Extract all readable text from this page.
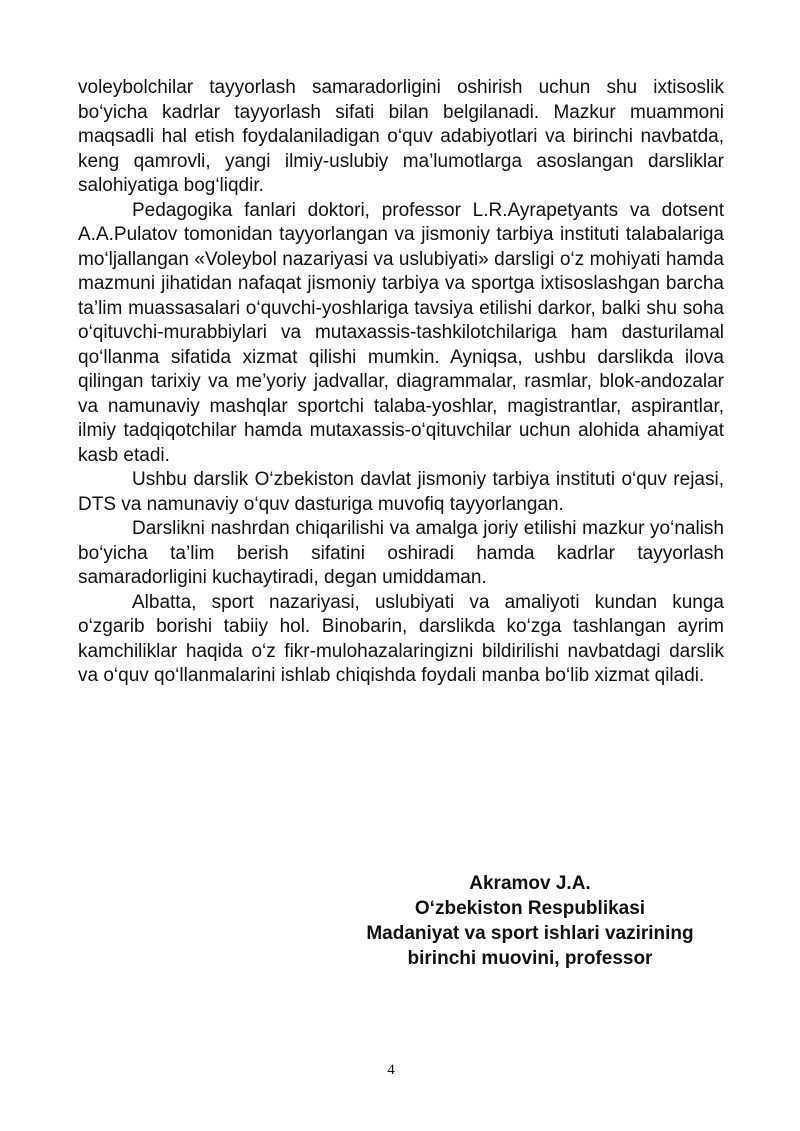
voleybolchilar tayyorlash samaradorligini oshirish uchun shu ixtisoslik bo‘yicha kadrlar tayyorlash sifati bilan belgilanadi. Mazkur muammoni maqsadli hal etish foydalaniladigan o‘quv adabiyotlari va birinchi navbatda, keng qamrovli, yangi ilmiy-uslubiy ma’lumotlarga asoslangan darsliklar salohiyatiga bog‘liqdir.

Pedagogika fanlari doktori, professor L.R.Ayrapetyants va dotsent A.A.Pulatov tomonidan tayyorlangan va jismoniy tarbiya instituti talabalariga mo‘ljallangan «Voleybol nazariyasi va uslubiyati» darsligi o‘z mohiyati hamda mazmuni jihatidan nafaqat jismoniy tarbiya va sportga ixtisoslashgan barcha ta’lim muassasalari o‘quvchi-yoshlariga tavsiya etilishi darkor, balki shu soha o‘qituvchi-murabbiylari va mutaxassis-tashkilotchilariga ham dasturilamal qo‘llanma sifatida xizmat qilishi mumkin. Ayniqsa, ushbu darslikda ilova qilingan tarixiy va me’yoriy jadvallar, diagrammalar, rasmlar, blok-andozalar va namunaviy mashqlar sportchi talaba-yoshlar, magistrantlar, aspirantlar, ilmiy tadqiqotchilar hamda mutaxassis-o‘qituvchilar uchun alohida ahamiyat kasb etadi.

Ushbu darslik O‘zbekiston davlat jismoniy tarbiya instituti o‘quv rejasi, DTS va namunaviy o‘quv dasturiga muvofiq tayyorlangan.

Darslikni nashrdan chiqarilishi va amalga joriy etilishi mazkur yo‘nalish bo‘yicha ta’lim berish sifatini oshiradi hamda kadrlar tayyorlash samaradorligini kuchaytiradi, degan umiddaman.

Albatta, sport nazariyasi, uslubiyati va amaliyoti kundan kunga o‘zgarib borishi tabiiy hol. Binobarin, darslikda ko‘zga tashlangan ayrim kamchiliklar haqida o‘z fikr-mulohazalaringizni bildirilishi navbatdagi darslik va o‘quv qo‘llanmalarini ishlab chiqishda foydali manba bo‘lib xizmat qiladi.

Akramov J.A.
O‘zbekiston Respublikasi
Madaniyat va sport ishlari vazirining
birinchi muovini, professor
4
